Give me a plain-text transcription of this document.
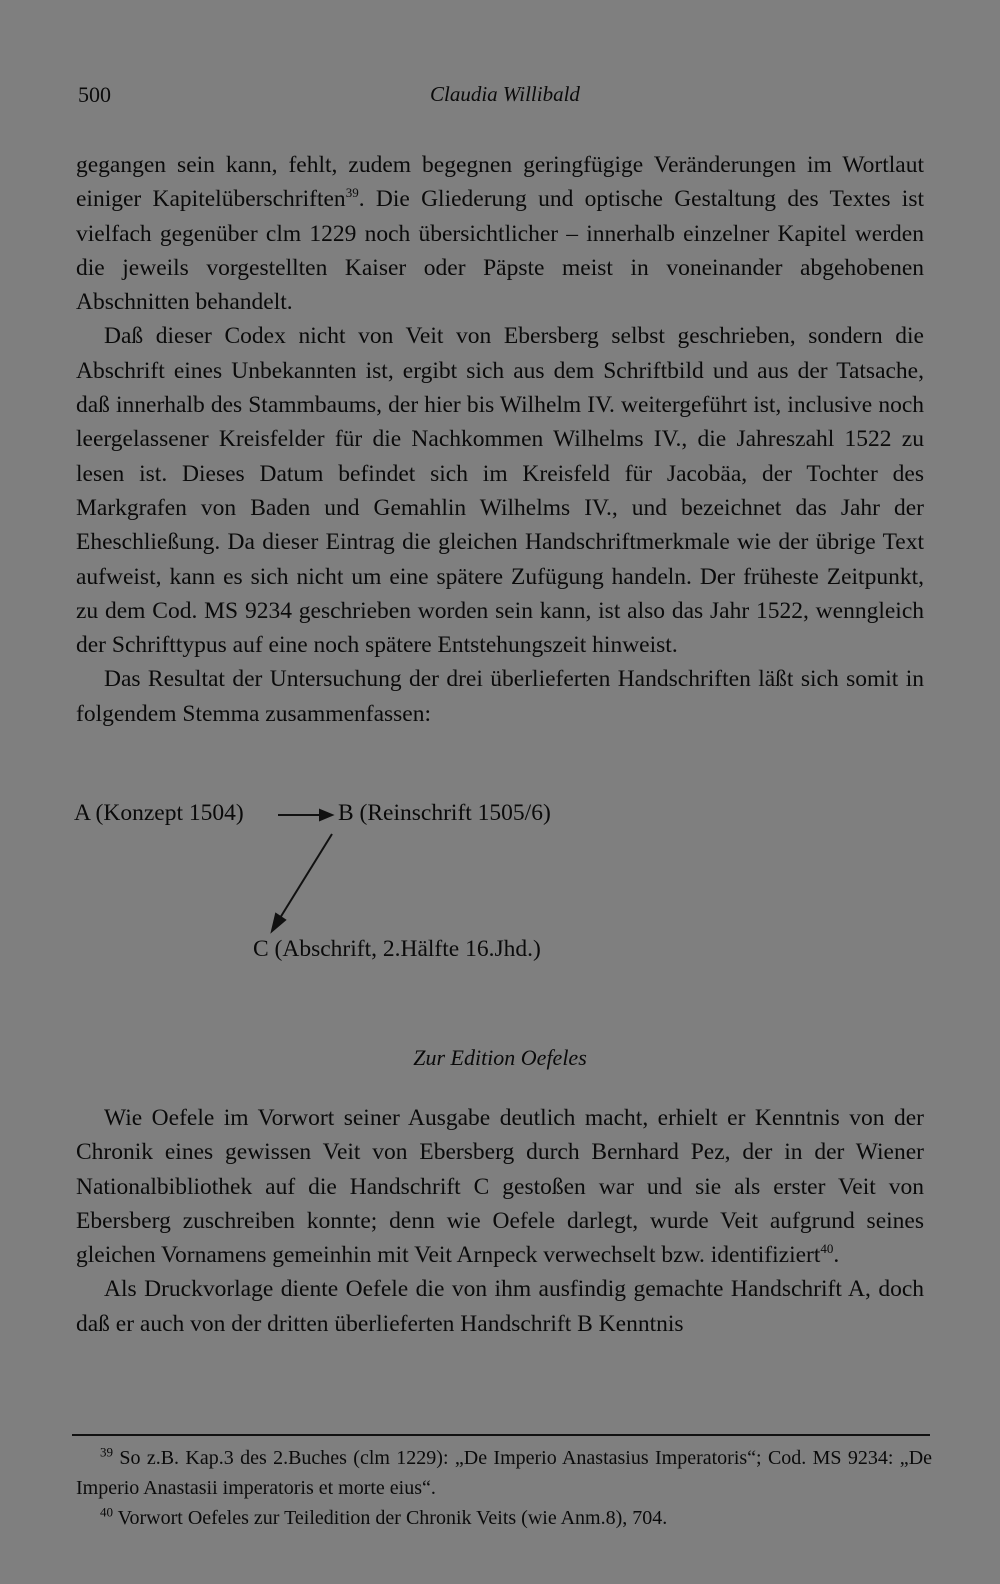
500	Claudia Willibald

gegangen sein kann, fehlt, zudem begegnen geringfügige Veränderungen im Wortlaut einiger Kapitelüberschriften$^{39}$. Die Gliederung und optische Gestaltung des Textes ist vielfach gegenüber clm 1229 noch übersichtlicher – innerhalb einzelner Kapitel werden die jeweils vorgestellten Kaiser oder Päpste meist in voneinander abgehobenen Abschnitten behandelt.

Daß dieser Codex nicht von Veit von Ebersberg selbst geschrieben, sondern die Abschrift eines Unbekannten ist, ergibt sich aus dem Schriftbild und aus der Tatsache, daß innerhalb des Stammbaums, der hier bis Wilhelm IV. weitergeführt ist, inclusive noch leergelassener Kreisfelder für die Nachkommen Wilhelms IV., die Jahreszahl 1522 zu lesen ist. Dieses Datum befindet sich im Kreisfeld für Jacobäa, der Tochter des Markgrafen von Baden und Gemahlin Wilhelms IV., und bezeichnet das Jahr der Eheschließung. Da dieser Eintrag die gleichen Handschriftmerkmale wie der übrige Text aufweist, kann es sich nicht um eine spätere Zufügung handeln. Der früheste Zeitpunkt, zu dem Cod. MS 9234 geschrieben worden sein kann, ist also das Jahr 1522, wenngleich der Schrifttypus auf eine noch spätere Entstehungszeit hinweist.

Das Resultat der Untersuchung der drei überlieferten Handschriften läßt sich somit in folgendem Stemma zusammenfassen:

A (Konzept 1504)	B (Reinschrift 1505/6)
C (Abschrift, 2.Hälfte 16.Jhd.)
Zur Edition Oefeles

Wie Oefele im Vorwort seiner Ausgabe deutlich macht, erhielt er Kenntnis von der Chronik eines gewissen Veit von Ebersberg durch Bernhard Pez, der in der Wiener Nationalbibliothek auf die Handschrift C gestoßen war und sie als erster Veit von Ebersberg zuschreiben konnte; denn wie Oefele darlegt, wurde Veit aufgrund seines gleichen Vornamens gemeinhin mit Veit Arnpeck verwechselt bzw. identifiziert$^{40}$.

Als Druckvorlage diente Oefele die von ihm ausfindig gemachte Handschrift A, doch daß er auch von der dritten überlieferten Handschrift B Kenntnis

$^{39}$ So z.B. Kap.3 des 2.Buches (clm 1229): „De Imperio Anastasius Imperatoris“; Cod. MS 9234: „De Imperio Anastasii imperatoris et morte eius“.

$^{40}$ Vorwort Oefeles zur Teiledition der Chronik Veits (wie Anm.8), 704.
